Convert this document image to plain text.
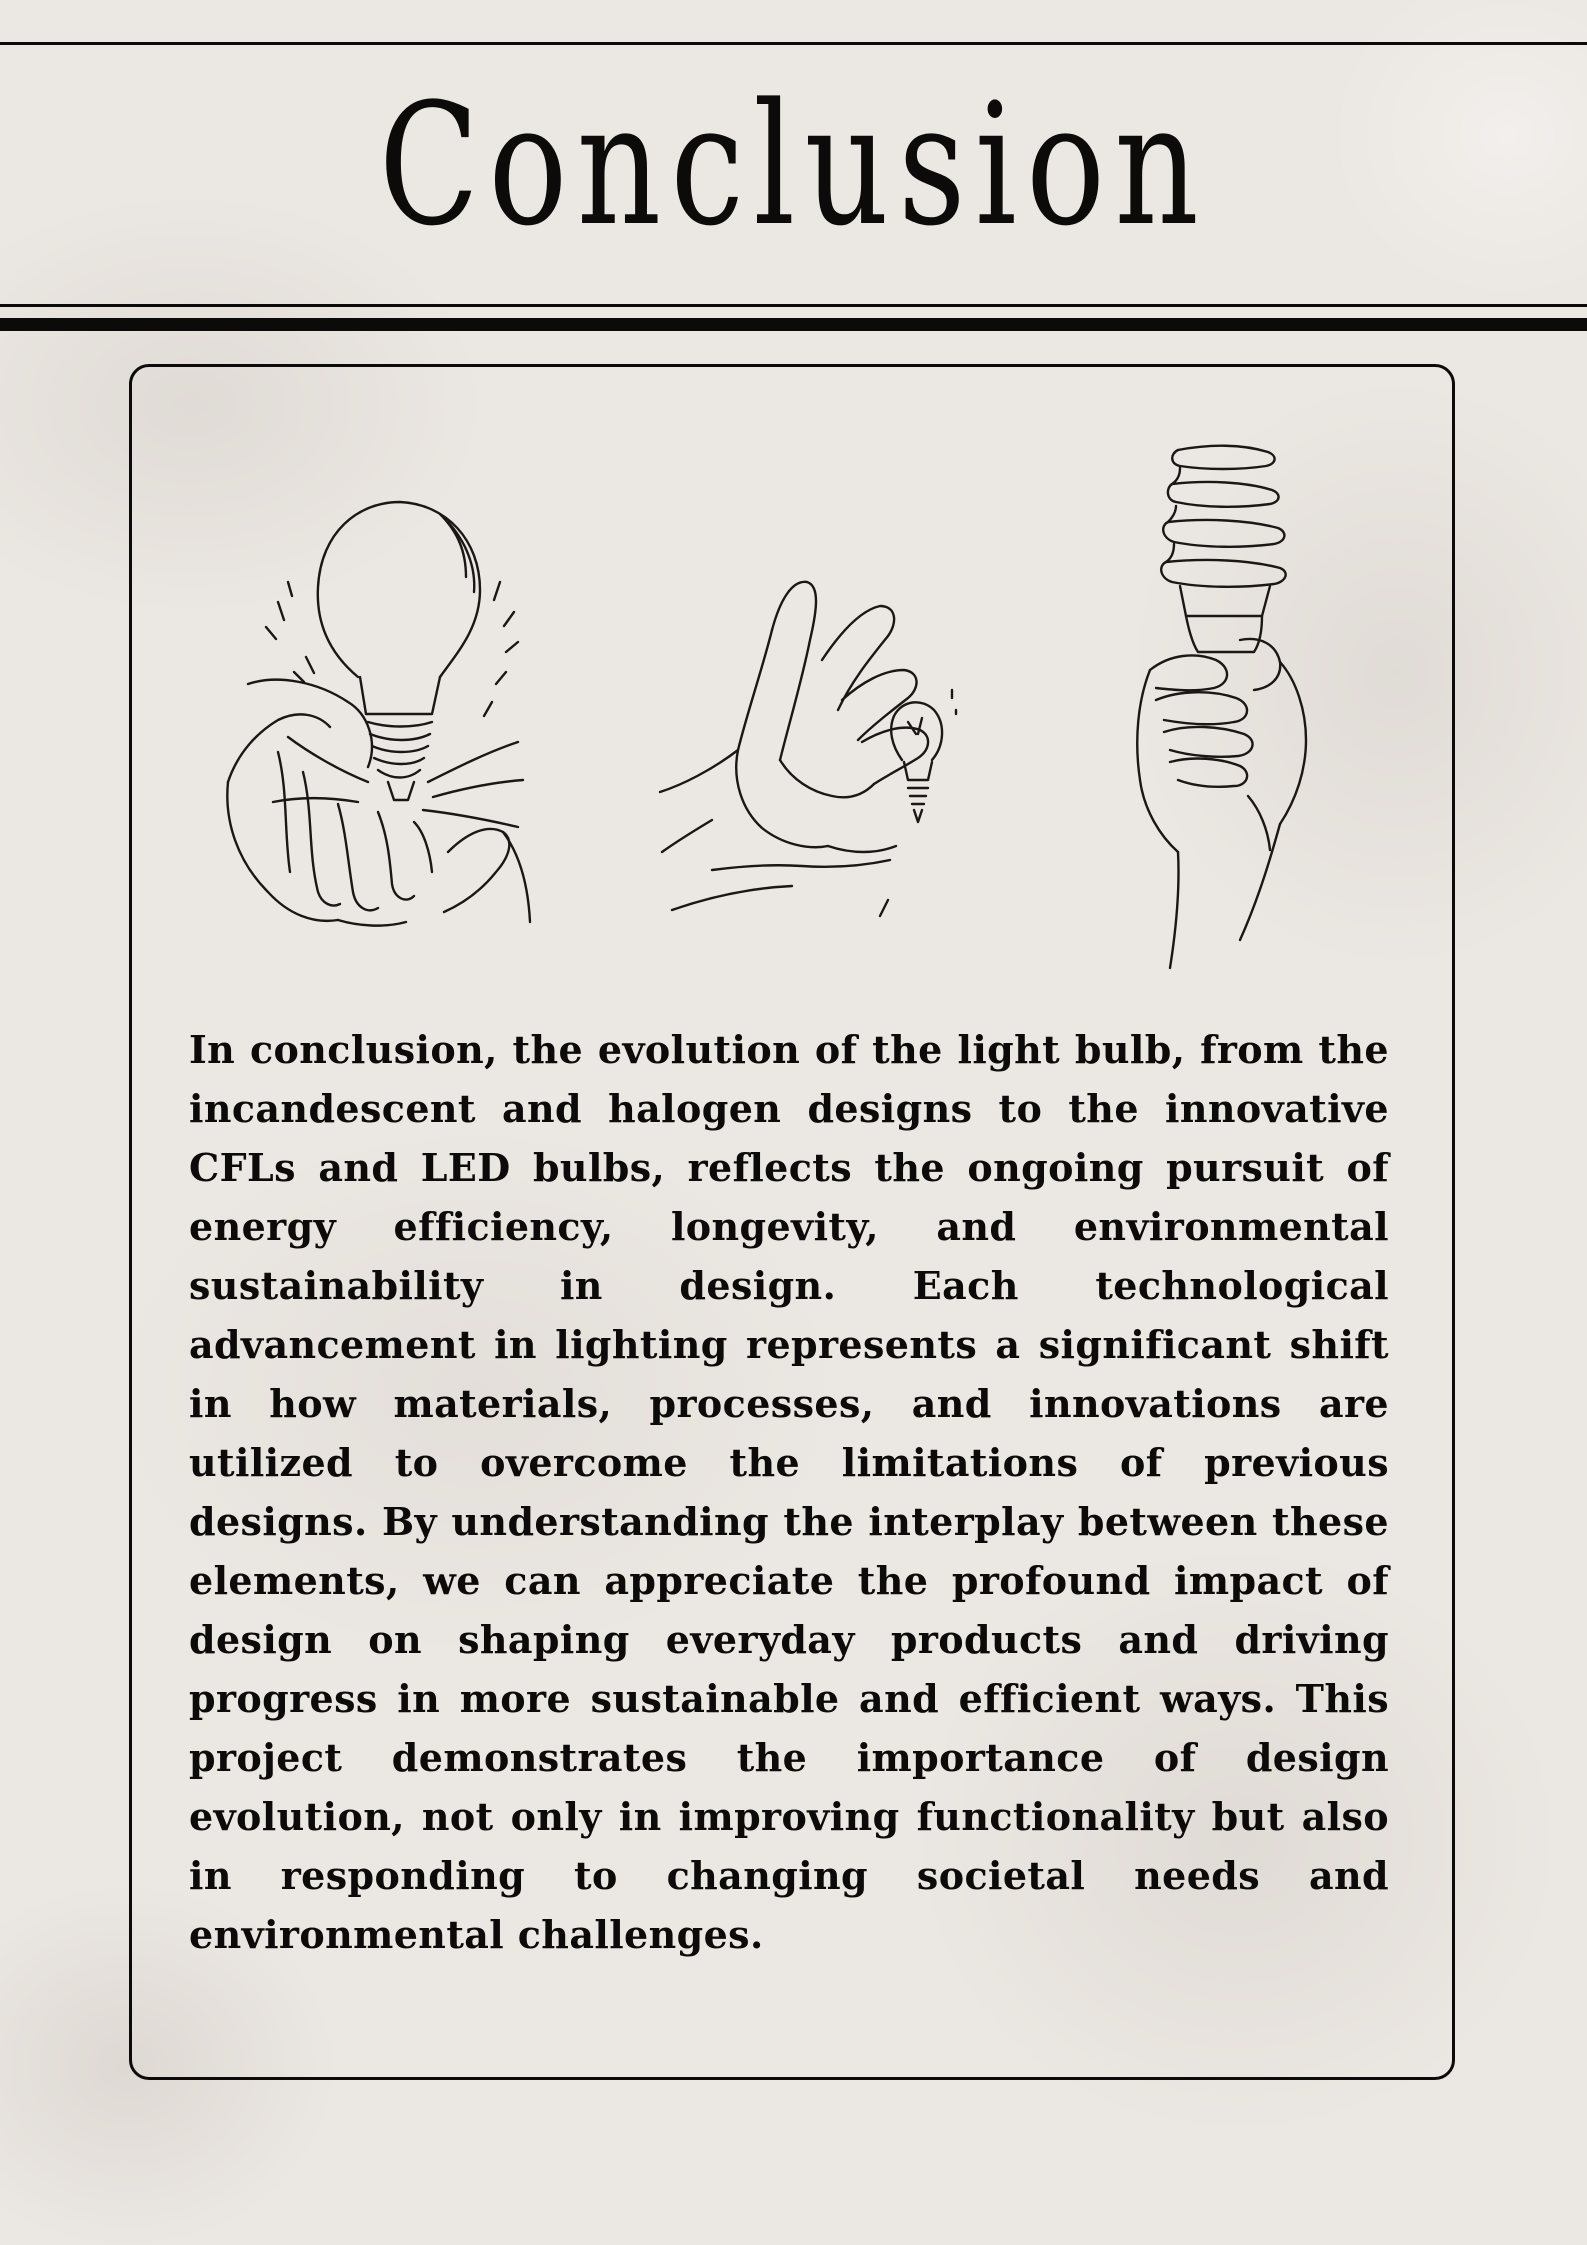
Conclusion

In conclusion, the evolution of the light bulb, from the incandescent and halogen designs to the innovative CFLs and LED bulbs, reflects the ongoing pursuit of energy efficiency, longevity, and environmental sustainability in design. Each technological advancement in lighting represents a significant shift in how materials, processes, and innovations are utilized to overcome the limitations of previous designs. By understanding the interplay between these elements, we can appreciate the profound impact of design on shaping everyday products and driving progress in more sustainable and efficient ways. This project demonstrates the importance of design evolution, not only in improving functionality but also in responding to changing societal needs and environmental challenges.
